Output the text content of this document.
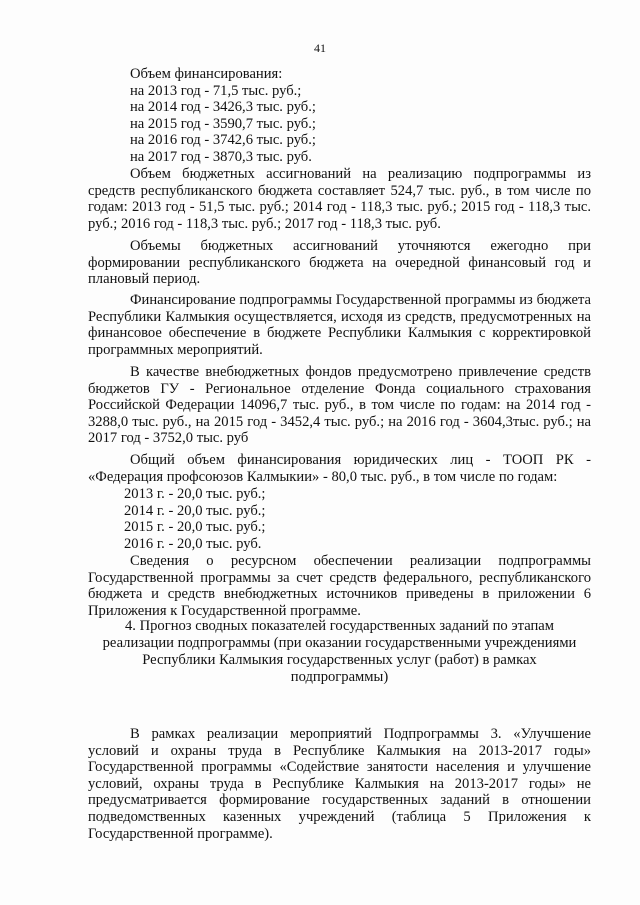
41
Объем финансирования:
на 2013 год - 71,5 тыс. руб.;
на 2014 год - 3426,3 тыс. руб.;
на 2015 год - 3590,7 тыс. руб.;
на 2016 год - 3742,6 тыс. руб.;
на 2017 год - 3870,3 тыс. руб.

Объем бюджетных ассигнований на реализацию подпрограммы из средств республиканского бюджета составляет 524,7 тыс. руб., в том числе по годам: 2013 год - 51,5 тыс. руб.; 2014 год - 118,3 тыс. руб.; 2015 год - 118,3 тыс. руб.; 2016 год - 118,3 тыс. руб.; 2017 год - 118,3 тыс. руб.

Объемы бюджетных ассигнований уточняются ежегодно при формировании республиканского бюджета на очередной финансовый год и плановый период.

Финансирование подпрограммы Государственной программы из бюджета Республики Калмыкия осуществляется, исходя из средств, предусмотренных на финансовое обеспечение в бюджете Республики Калмыкия с корректировкой программных мероприятий.

В качестве внебюджетных фондов предусмотрено привлечение средств бюджетов ГУ - Региональное отделение Фонда социального страхования Российской Федерации 14096,7 тыс. руб., в том числе по годам: на 2014 год - 3288,0 тыс. руб., на 2015 год - 3452,4 тыс. руб.; на 2016 год - 3604,3тыс. руб.; на 2017 год - 3752,0 тыс. руб

Общий объем финансирования юридических лиц - ТООП РК - «Федерация профсоюзов Калмыкии» - 80,0 тыс. руб., в том числе по годам:

2013 г. - 20,0 тыс. руб.;
2014 г. - 20,0 тыс. руб.;
2015 г. - 20,0 тыс. руб.;
2016 г. - 20,0 тыс. руб.

Сведения о ресурсном обеспечении реализации подпрограммы Государственной программы за счет средств федерального, республиканского бюджета и средств внебюджетных источников приведены в приложении 6 Приложения к Государственной программе.

4. Прогноз сводных показателей государственных заданий по этапам
реализации подпрограммы (при оказании государственными учреждениями
Республики Калмыкия государственных услуг (работ) в рамках
подпрограммы)

В рамках реализации мероприятий Подпрограммы 3. «Улучшение условий и охраны труда в Республике Калмыкия на 2013-2017 годы» Государственной программы «Содействие занятости населения и улучшение условий, охраны труда в Республике Калмыкия на 2013-2017 годы» не предусматривается формирование государственных заданий в отношении подведомственных казенных учреждений (таблица 5 Приложения к Государственной программе).
